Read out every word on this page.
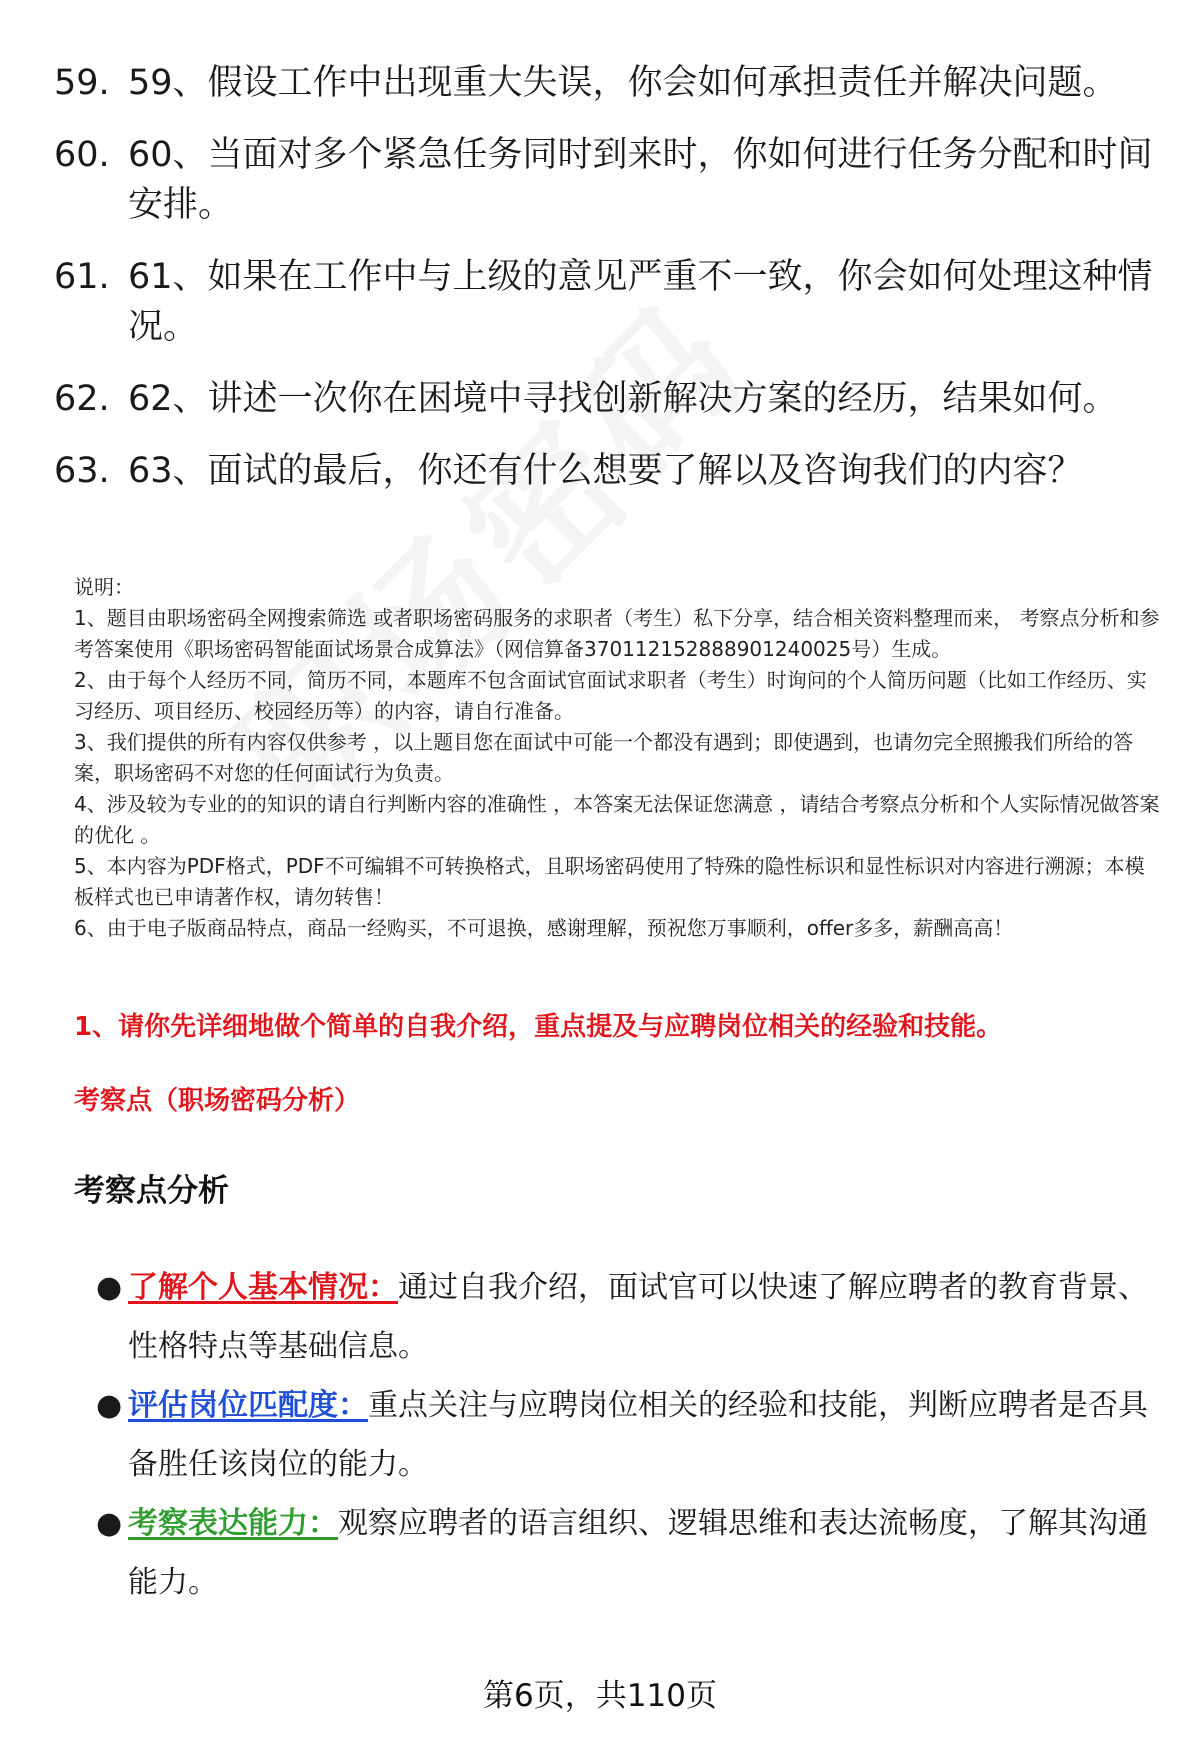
59. 59、假设工作中出现重大失误，你会如何承担责任并解决问题。
60. 60、当面对多个紧急任务同时到来时，你如何进行任务分配和时间安排。
61. 61、如果在工作中与上级的意见严重不一致，你会如何处理这种情况。
62. 62、讲述一次你在困境中寻找创新解决方案的经历，结果如何。
63. 63、面试的最后，你还有什么想要了解以及咨询我们的内容？

说明：

1、题目由职场密码全网搜索筛选 或者职场密码服务的求职者（考生）私下分享，结合相关资料整理而来， 考察点分析和参考答案使用《职场密码智能面试场景合成算法》（网信算备370112152888901240025号）生成。

2、由于每个人经历不同，简历不同，本题库不包含面试官面试求职者（考生）时询问的个人简历问题（比如工作经历、实习经历、项目经历、校园经历等）的内容，请自行准备。

3、我们提供的所有内容仅供参考 ，以上题目您在面试中可能一个都没有遇到；即使遇到，也请勿完全照搬我们所给的答案，职场密码不对您的任何面试行为负责。

4、涉及较为专业的的知识的请自行判断内容的准确性 ，本答案无法保证您满意 ，请结合考察点分析和个人实际情况做答案的优化 。

5、本内容为PDF格式，PDF不可编辑不可转换格式，且职场密码使用了特殊的隐性标识和显性标识对内容进行溯源；本模板样式也已申请著作权，请勿转售！

6、由于电子版商品特点，商品一经购买，不可退换，感谢理解，预祝您万事顺利，offer多多，薪酬高高！

1、请你先详细地做个简单的自我介绍，重点提及与应聘岗位相关的经验和技能。
考察点（职场密码分析）
考察点分析
● 了解个人基本情况：通过自我介绍，面试官可以快速了解应聘者的教育背景、性格特点等基础信息。
● 评估岗位匹配度：重点关注与应聘岗位相关的经验和技能，判断应聘者是否具备胜任该岗位的能力。
● 考察表达能力：观察应聘者的语言组织、逻辑思维和表达流畅度，了解其沟通能力。
第6页，共110页
